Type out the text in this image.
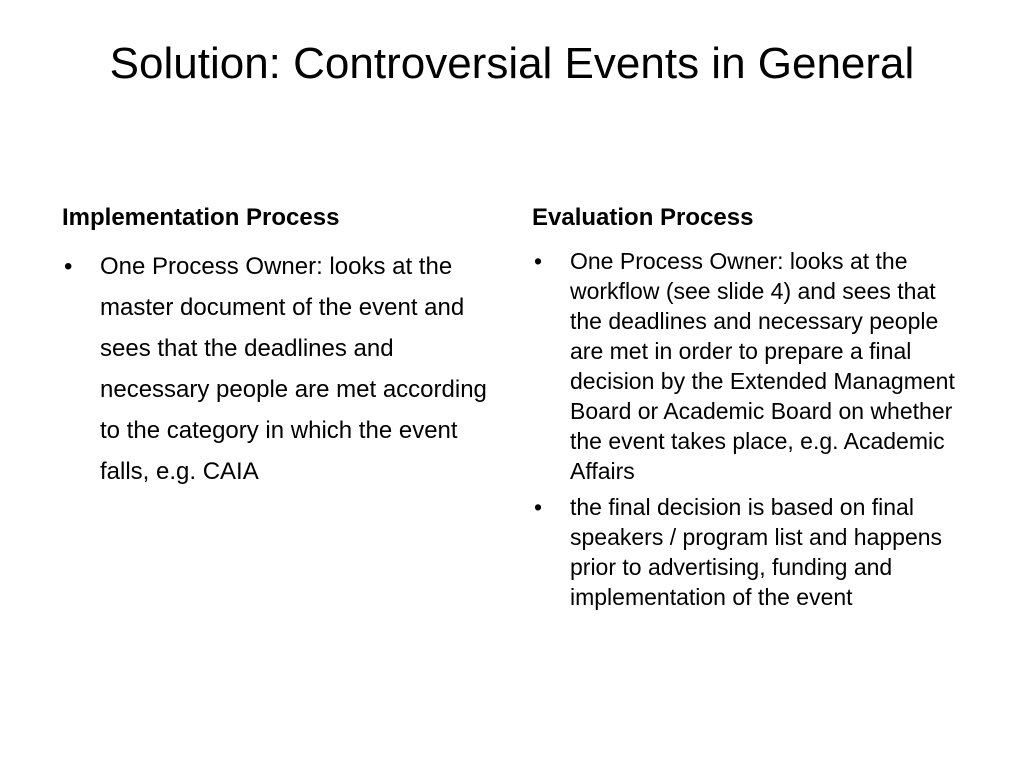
Solution: Controversial Events in General
Implementation Process
• One Process Owner: looks at the master document of the event and sees that the deadlines and necessary people are met according to the category in which the event falls, e.g. CAIA
Evaluation Process
• One Process Owner: looks at the workflow (see slide 4) and sees that the deadlines and necessary people are met in order to prepare a final decision by the Extended Managment Board or Academic Board on whether the event takes place, e.g. Academic Affairs
• the final decision is based on final speakers / program list and happens prior to advertising, funding and implementation of the event
